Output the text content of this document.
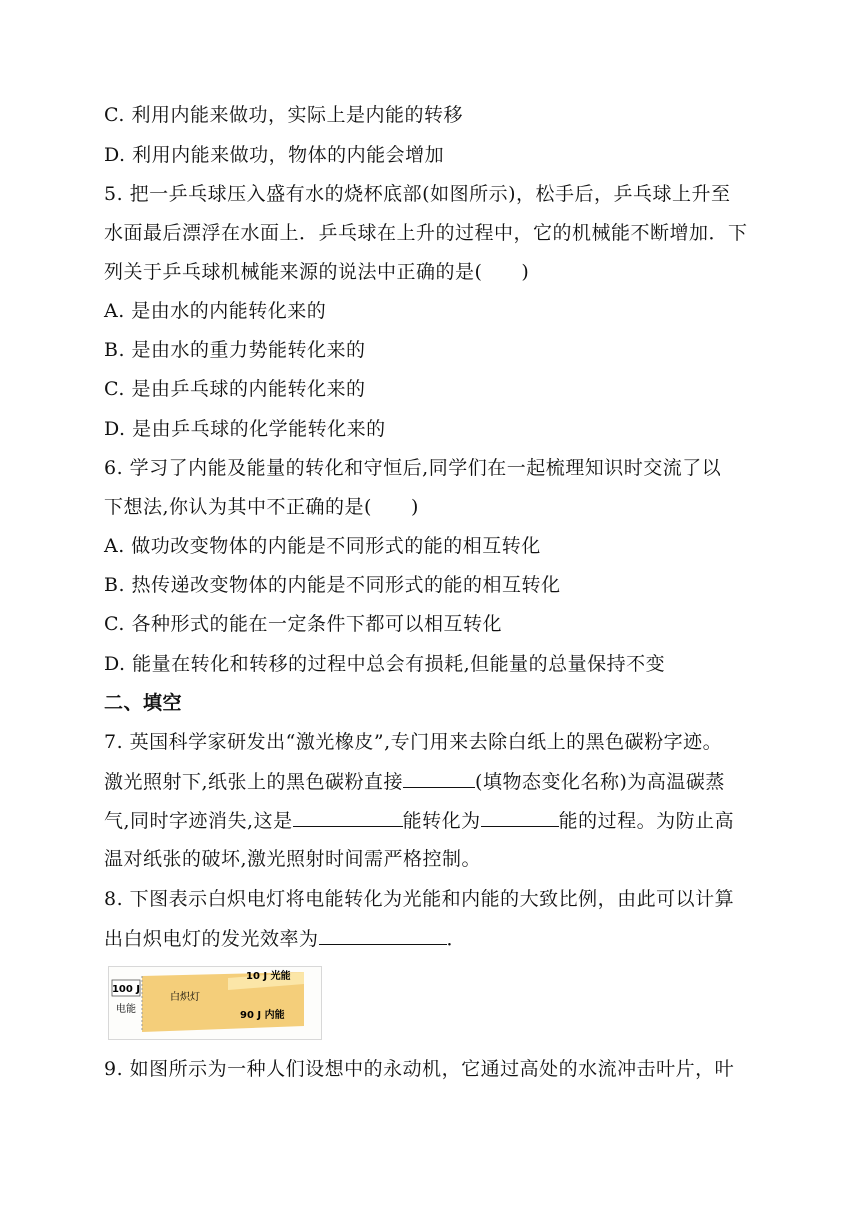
C. 利用内能来做功，实际上是内能的转移
D. 利用内能来做功，物体的内能会增加
5. 把一乒乓球压入盛有水的烧杯底部(如图所示)，松手后，乒乓球上升至
水面最后漂浮在水面上．乒乓球在上升的过程中，它的机械能不断增加．下
列关于乒乓球机械能来源的说法中正确的是(　　)
A. 是由水的内能转化来的
B. 是由水的重力势能转化来的
C. 是由乒乓球的内能转化来的
D. 是由乒乓球的化学能转化来的
6. 学习了内能及能量的转化和守恒后,同学们在一起梳理知识时交流了以
下想法,你认为其中不正确的是(　　)
A. 做功改变物体的内能是不同形式的能的相互转化
B. 热传递改变物体的内能是不同形式的能的相互转化
C. 各种形式的能在一定条件下都可以相互转化
D. 能量在转化和转移的过程中总会有损耗,但能量的总量保持不变
二、填空
7. 英国科学家研发出“激光橡皮”,专门用来去除白纸上的黑色碳粉字迹。
激光照射下,纸张上的黑色碳粉直接	(填物态变化名称)为高温碳蒸
气,同时字迹消失,这是	能转化为	能的过程。为防止高
温对纸张的破坏,激光照射时间需严格控制。
8. 下图表示白炽电灯将电能转化为光能和内能的大致比例，由此可以计算
出白炽电灯的发光效率为	．
100 J
电能
白炽灯
10 J 光能
90 J 内能
9. 如图所示为一种人们设想中的永动机，它通过高处的水流冲击叶片，叶
